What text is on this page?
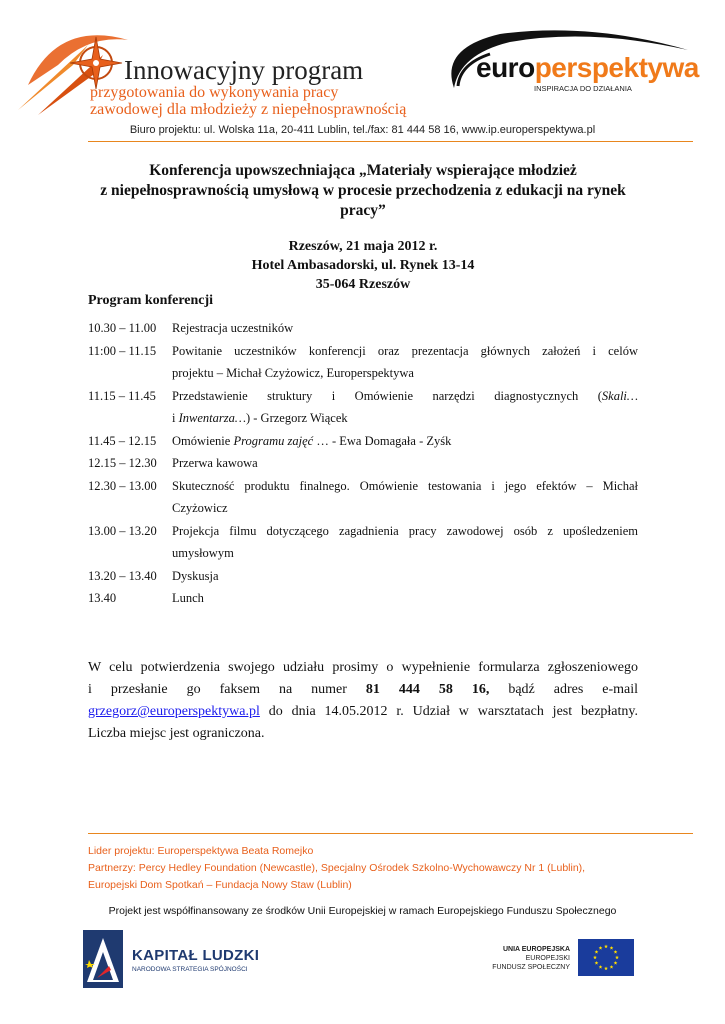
Innowacyjny program
przygotowania do wykonywania pracy
zawodowej dla młodzieży z niepełnosprawnością
europerspektywa
INSPIRACJA DO DZIAŁANIA
Biuro projektu: ul. Wolska 11a, 20-411 Lublin, tel./fax: 81 444 58 16, www.ip.europerspektywa.pl
Konferencja upowszechniająca „Materiały wspierające młodzież
z niepełnosprawnością umysłową w procesie przechodzenia z edukacji na rynek
pracy”
Rzeszów, 21 maja 2012 r.
Hotel Ambasadorski, ul. Rynek 13-14
35-064 Rzeszów
Program konferencji
10.30 – 11.00	Rejestracja uczestników
11:00 – 11.15	Powitanie uczestników konferencji oraz prezentacja głównych założeń i celów
projektu – Michał Czyżowicz, Europerspektywa
11.15 – 11.45	Przedstawienie struktury i Omówienie narzędzi diagnostycznych (Skali…
i Inwentarza…) - Grzegorz Wiącek
11.45 – 12.15	Omówienie Programu zajęć … - Ewa Domagała - Zyśk
12.15 – 12.30	Przerwa kawowa
12.30 – 13.00	Skuteczność produktu finalnego. Omówienie testowania i jego efektów – Michał
Czyżowicz
13.00 – 13.20	Projekcja filmu dotyczącego zagadnienia pracy zawodowej osób z upośledzeniem
umysłowym
13.20 – 13.40	Dyskusja
13.40	Lunch
W celu potwierdzenia swojego udziału prosimy o wypełnienie formularza zgłoszeniowego
i przesłanie go faksem na numer 81 444 58 16, bądź adres e-mail
grzegorz@europerspektywa.pl do dnia 14.05.2012 r. Udział w warsztatach jest bezpłatny.
Liczba miejsc jest ograniczona.
Lider projektu: Europerspektywa Beata Romejko
Partnerzy: Percy Hedley Foundation (Newcastle), Specjalny Ośrodek Szkolno-Wychowawczy Nr 1 (Lublin),
Europejski Dom Spotkań – Fundacja Nowy Staw (Lublin)
Projekt jest współfinansowany ze środków Unii Europejskiej w ramach Europejskiego Funduszu Społecznego
KAPITAŁ LUDZKI
NARODOWA STRATEGIA SPÓJNOŚCI
UNIA EUROPEJSKA
EUROPEJSKI
FUNDUSZ SPOŁECZNY
